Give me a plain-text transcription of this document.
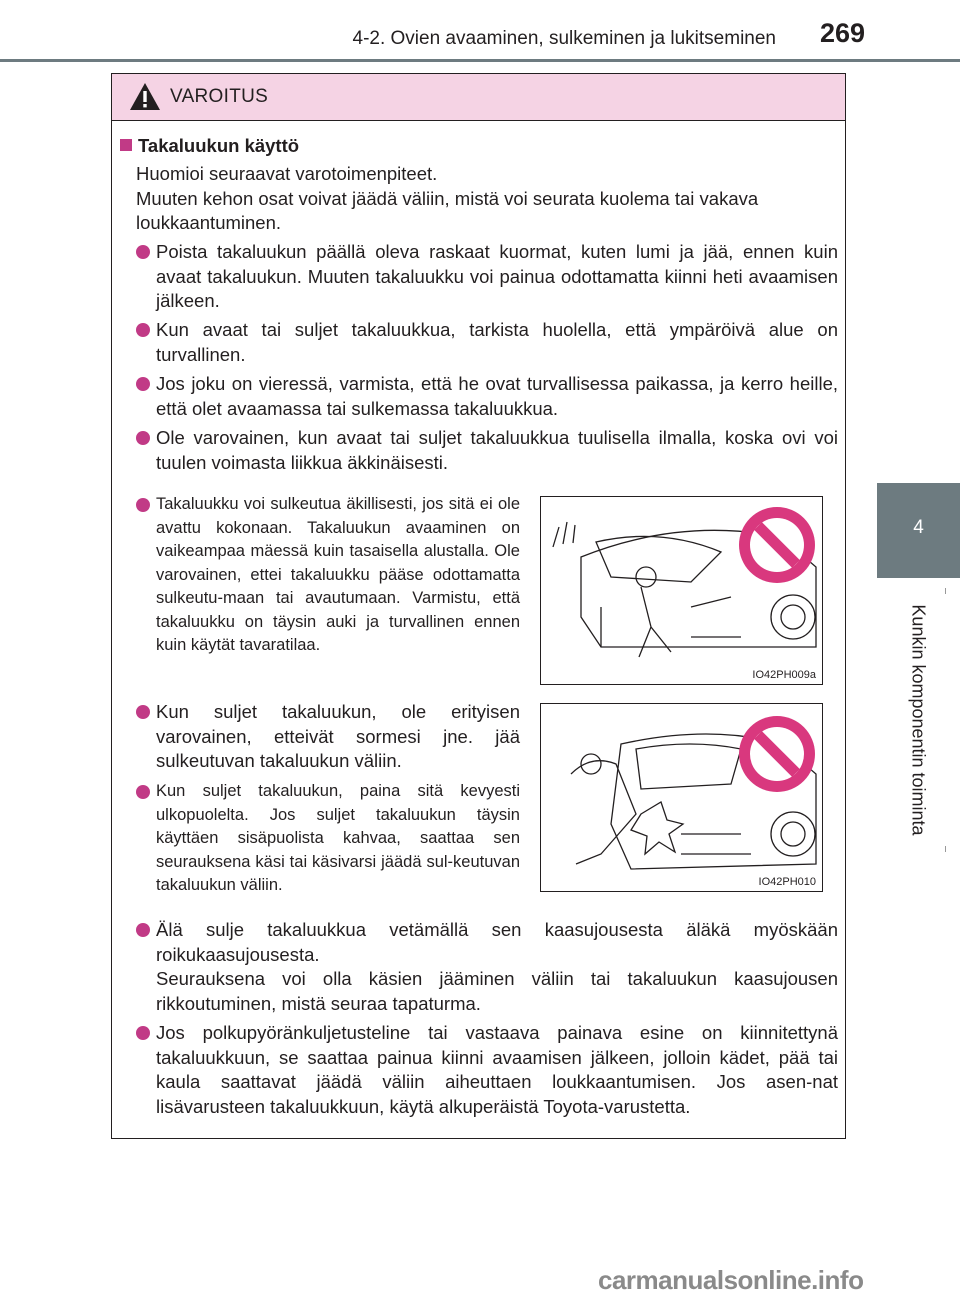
4-2. Ovien avaaminen, sulkeminen ja lukitseminen 269
4
Kunkin komponentin toiminta
VAROITUS
Takaluukun käyttö
Huomioi seuraavat varotoimenpiteet.
Muuten kehon osat voivat jäädä väliin, mistä voi seurata kuolema tai vakava loukkaantuminen.
Poista takaluukun päällä oleva raskaat kuormat, kuten lumi ja jää, ennen kuin avaat takaluukun. Muuten takaluukku voi painua odottamatta kiinni heti avaamisen jälkeen.
Kun avaat tai suljet takaluukkua, tarkista huolella, että ympäröivä alue on turvallinen.
Jos joku on vieressä, varmista, että he ovat turvallisessa paikassa, ja kerro heille, että olet avaamassa tai sulkemassa takaluukkua.
Ole varovainen, kun avaat tai suljet takaluukkua tuulisella ilmalla, koska ovi voi tuulen voimasta liikkua äkkinäisesti.
Takaluukku voi sulkeutua äkillisesti, jos sitä ei ole avattu kokonaan. Takaluukun avaaminen on vaikeampaa mäessä kuin tasaisella alustalla. Ole varovainen, ettei takaluukku pääse odottamatta sulkeutu-maan tai avautumaan. Varmistu, että takaluukku on täysin auki ja turvallinen ennen kuin käytät tavaratilaa.
Kun suljet takaluukun, ole erityisen varovainen, etteivät sormesi jne. jää sulkeutuvan takaluukun väliin.
Kun suljet takaluukun, paina sitä kevyesti ulkopuolelta. Jos suljet takaluukun täysin käyttäen sisäpuolista kahvaa, saattaa sen seurauksena käsi tai käsivarsi jäädä sul-keutuvan takaluukun väliin.
IO42PH009a
IO42PH010
Älä sulje takaluukkua vetämällä sen kaasujousesta äläkä myöskään roikukaasujousesta.
Seurauksena voi olla käsien jääminen väliin tai takaluukun kaasujousen rikkoutuminen, mistä seuraa tapaturma.
Jos polkupyöränkuljetusteline tai vastaava painava esine on kiinnitettynä takaluukkuun, se saattaa painua kiinni avaamisen jälkeen, jolloin kädet, pää tai kaula saattavat jäädä väliin aiheuttaen loukkaantumisen. Jos asen-nat lisävarusteen takaluukkuun, käytä alkuperäistä Toyota-varustetta.
carmanualsonline.info
